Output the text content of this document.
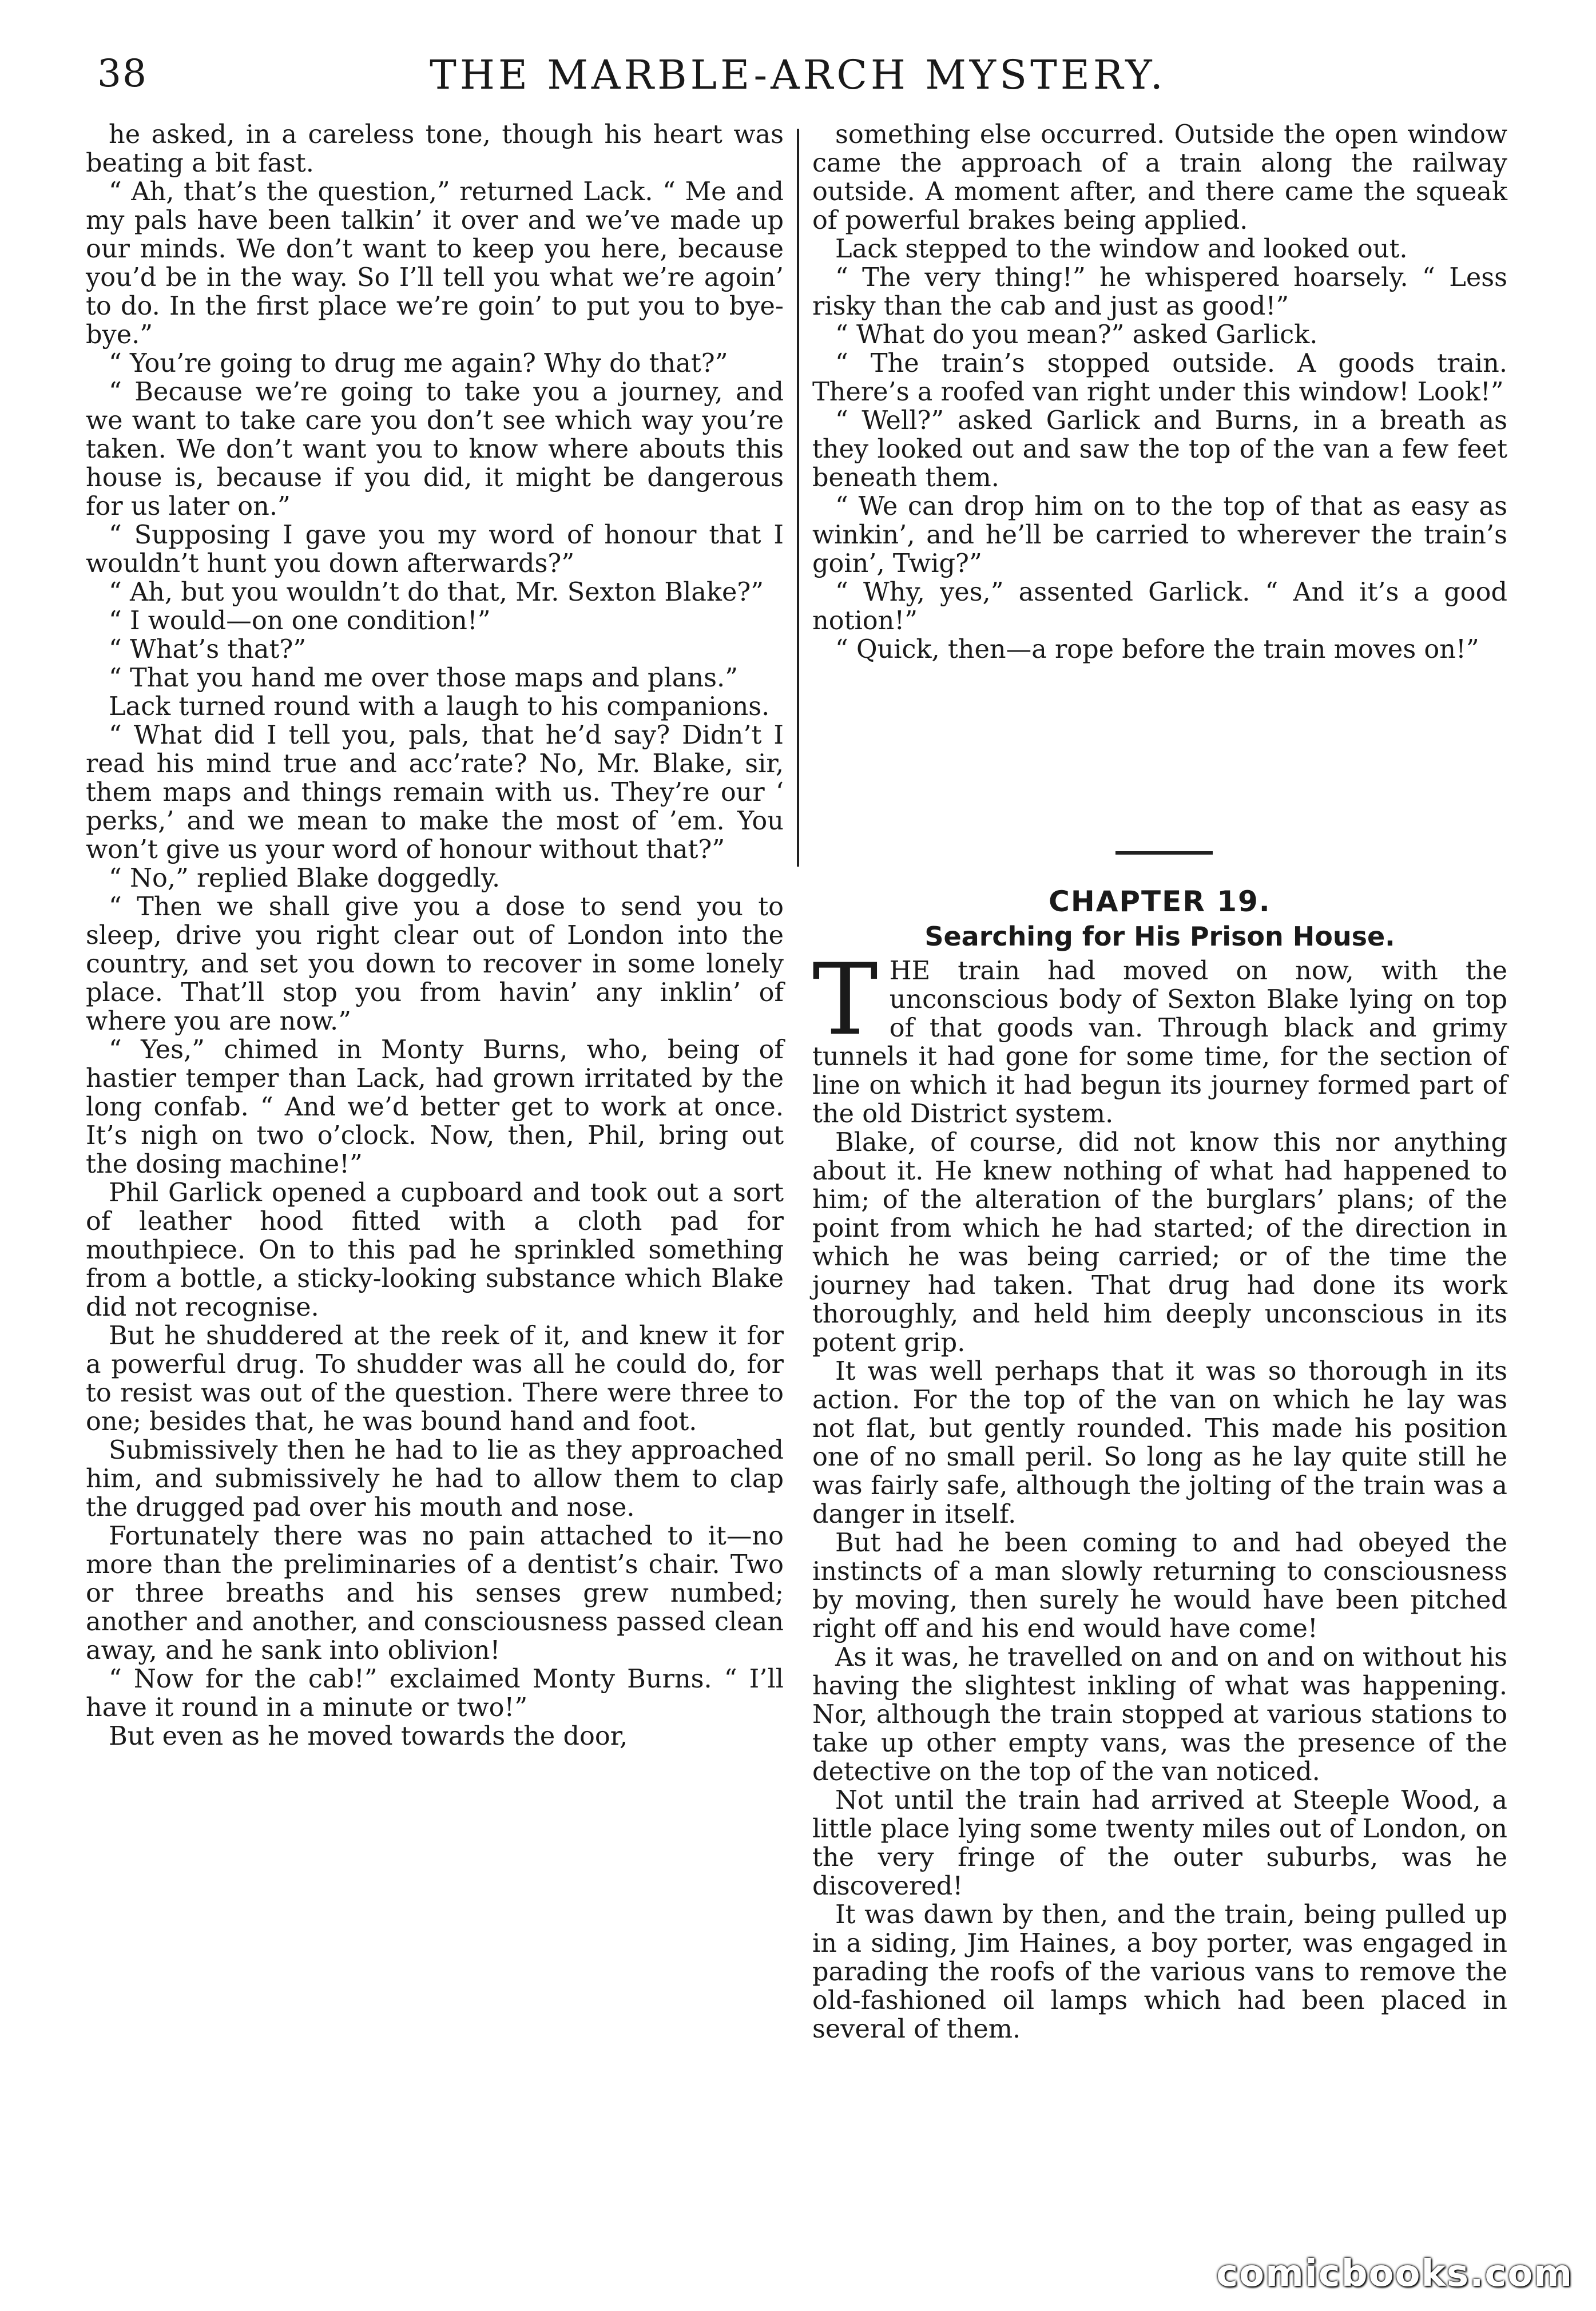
38	THE MARBLE-ARCH MYSTERY.

he asked, in a careless tone, though his heart was beating a bit fast.

“ Ah, that’s the question,” returned Lack. “ Me and my pals have been talkin’ it over and we’ve made up our minds. We don’t want to keep you here, because you’d be in the way. So I’ll tell you what we’re agoin’ to do. In the first place we’re goin’ to put you to bye-bye.”

“ You’re going to drug me again? Why do that?”

“ Because we’re going to take you a journey, and we want to take care you don’t see which way you’re taken. We don’t want you to know where abouts this house is, because if you did, it might be dangerous for us later on.”

“ Supposing I gave you my word of honour that I wouldn’t hunt you down afterwards?”

“ Ah, but you wouldn’t do that, Mr. Sexton Blake?”

“ I would—on one condition!”

“ What’s that?”

“ That you hand me over those maps and plans.”

Lack turned round with a laugh to his companions.

“ What did I tell you, pals, that he’d say? Didn’t I read his mind true and acc’rate? No, Mr. Blake, sir, them maps and things remain with us. They’re our ‘ perks,’ and we mean to make the most of ’em. You won’t give us your word of honour without that?”

“ No,” replied Blake doggedly.

“ Then we shall give you a dose to send you to sleep, drive you right clear out of London into the country, and set you down to recover in some lonely place. That’ll stop you from havin’ any inklin’ of where you are now.”

“ Yes,” chimed in Monty Burns, who, being of hastier temper than Lack, had grown irritated by the long confab. “ And we’d better get to work at once. It’s nigh on two o’clock. Now, then, Phil, bring out the dosing machine!”

Phil Garlick opened a cupboard and took out a sort of leather hood fitted with a cloth pad for mouthpiece. On to this pad he sprinkled something from a bottle, a sticky-looking substance which Blake did not recognise.

But he shuddered at the reek of it, and knew it for a powerful drug. To shudder was all he could do, for to resist was out of the question. There were three to one; besides that, he was bound hand and foot.

Submissively then he had to lie as they approached him, and submissively he had to allow them to clap the drugged pad over his mouth and nose.

Fortunately there was no pain attached to it—no more than the preliminaries of a dentist’s chair. Two or three breaths and his senses grew numbed; another and another, and consciousness passed clean away, and he sank into oblivion!

“ Now for the cab!” exclaimed Monty Burns. “ I’ll have it round in a minute or two!”

But even as he moved towards the door,

something else occurred. Outside the open window came the approach of a train along the railway outside. A moment after, and there came the squeak of powerful brakes being applied.

Lack stepped to the window and looked out.

“ The very thing!” he whispered hoarsely. “ Less risky than the cab and just as good!”

“ What do you mean?” asked Garlick.

“ The train’s stopped outside. A goods train. There’s a roofed van right under this window! Look!”

“ Well?” asked Garlick and Burns, in a breath as they looked out and saw the top of the van a few feet beneath them.

“ We can drop him on to the top of that as easy as winkin’, and he’ll be carried to wherever the train’s goin’, Twig?”

“ Why, yes,” assented Garlick. “ And it’s a good notion!”

“ Quick, then—a rope before the train moves on!”

CHAPTER 19.
Searching for His Prison House.

THE train had moved on now, with the unconscious body of Sexton Blake lying on top of that goods van. Through black and grimy tunnels it had gone for some time, for the section of line on which it had begun its journey formed part of the old District system.

Blake, of course, did not know this nor anything about it. He knew nothing of what had happened to him; of the alteration of the burglars’ plans; of the point from which he had started; of the direction in which he was being carried; or of the time the journey had taken. That drug had done its work thoroughly, and held him deeply unconscious in its potent grip.

It was well perhaps that it was so thorough in its action. For the top of the van on which he lay was not flat, but gently rounded. This made his position one of no small peril. So long as he lay quite still he was fairly safe, although the jolting of the train was a danger in itself.

But had he been coming to and had obeyed the instincts of a man slowly returning to consciousness by moving, then surely he would have been pitched right off and his end would have come!

As it was, he travelled on and on and on without his having the slightest inkling of what was happening. Nor, although the train stopped at various stations to take up other empty vans, was the presence of the detective on the top of the van noticed.

Not until the train had arrived at Steeple Wood, a little place lying some twenty miles out of London, on the very fringe of the outer suburbs, was he discovered!

It was dawn by then, and the train, being pulled up in a siding, Jim Haines, a boy porter, was engaged in parading the roofs of the various vans to remove the old-fashioned oil lamps which had been placed in several of them.

comicbooks.com
